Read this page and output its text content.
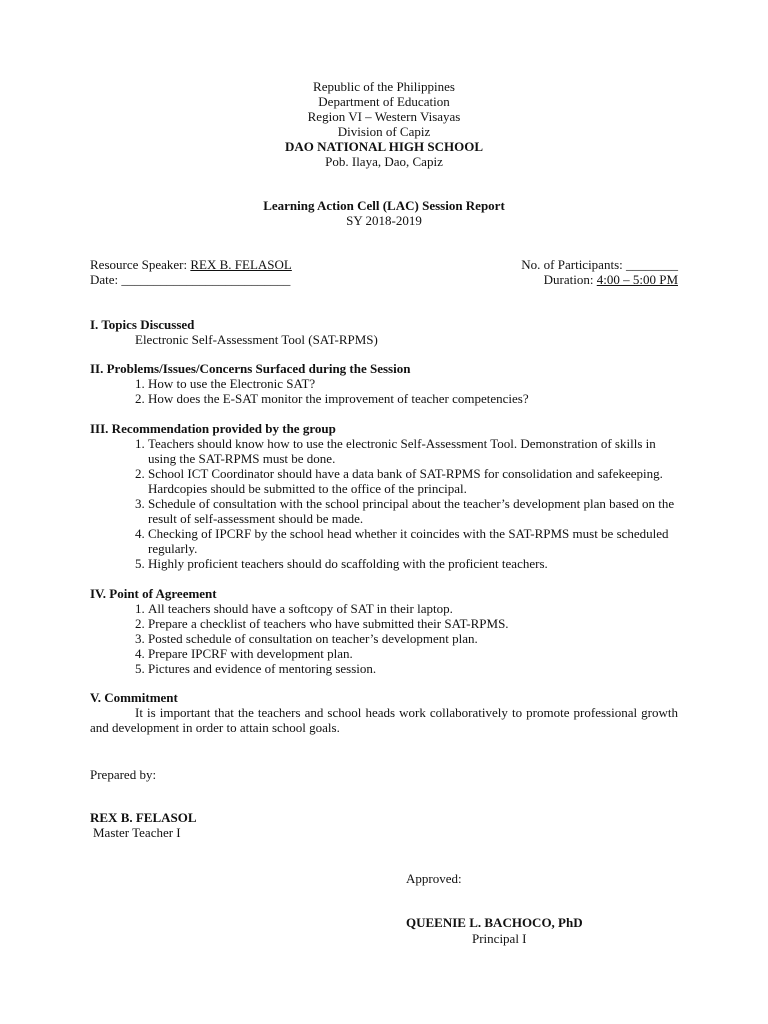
Republic of the Philippines
Department of Education
Region VI – Western Visayas
Division of Capiz
DAO NATIONAL HIGH SCHOOL
Pob. Ilaya, Dao, Capiz
Learning Action Cell (LAC) Session Report
SY 2018-2019
Resource Speaker: REX B. FELASOL	No. of Participants: ________
Date: __________________________	Duration: 4:00 – 5:00 PM
I. Topics Discussed
Electronic Self-Assessment Tool (SAT-RPMS)
II. Problems/Issues/Concerns Surfaced during the Session
1. How to use the Electronic SAT?
2. How does the E-SAT monitor the improvement of teacher competencies?
III. Recommendation provided by the group
1. Teachers should know how to use the electronic Self-Assessment Tool. Demonstration of skills in using the SAT-RPMS must be done.
2. School ICT Coordinator should have a data bank of SAT-RPMS for consolidation and safekeeping. Hardcopies should be submitted to the office of the principal.
3. Schedule of consultation with the school principal about the teacher’s development plan based on the result of self-assessment should be made.
4. Checking of IPCRF by the school head whether it coincides with the SAT-RPMS must be scheduled regularly.
5. Highly proficient teachers should do scaffolding with the proficient teachers.
IV. Point of Agreement
1. All teachers should have a softcopy of SAT in their laptop.
2. Prepare a checklist of teachers who have submitted their SAT-RPMS.
3. Posted schedule of consultation on teacher’s development plan.
4. Prepare IPCRF with development plan.
5. Pictures and evidence of mentoring session.
V. Commitment
It is important that the teachers and school heads work collaboratively to promote professional growth and development in order to attain school goals.
Prepared by:
REX B. FELASOL
Master Teacher I
Approved:
QUEENIE L. BACHOCO, PhD
Principal I
